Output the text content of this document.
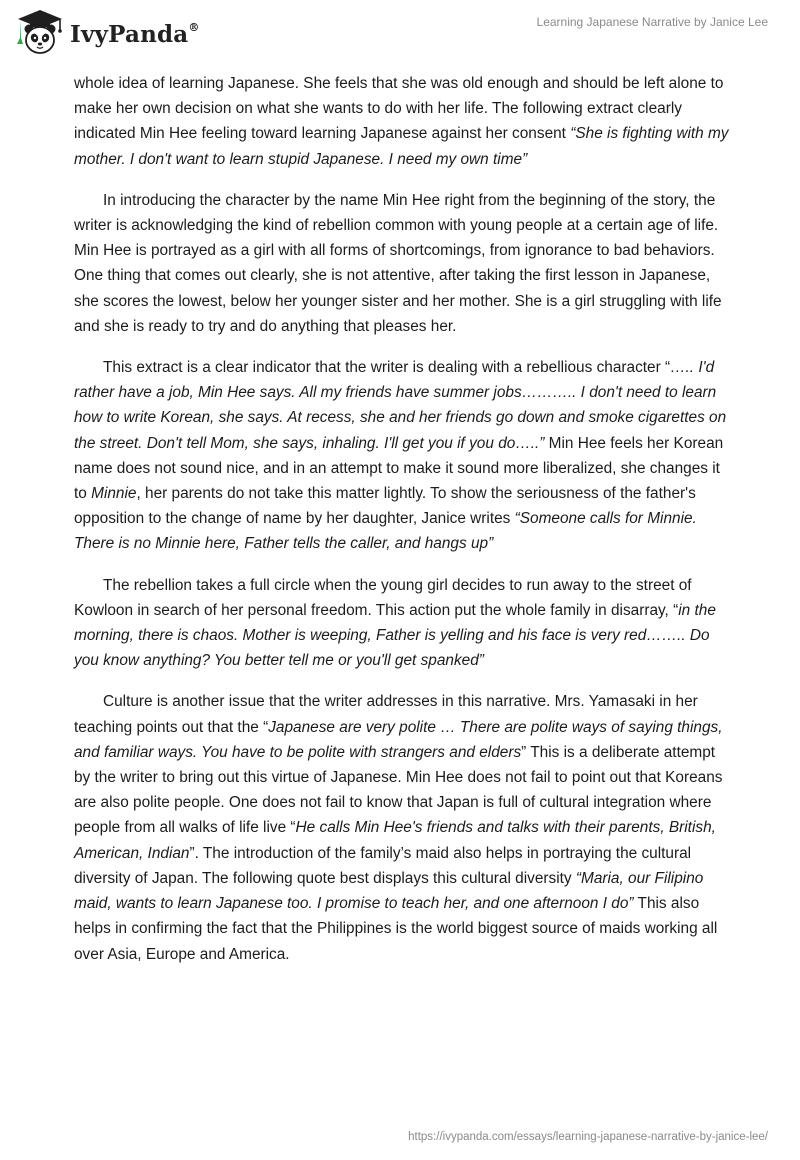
IvyPanda®	Learning Japanese Narrative by Janice Lee

whole idea of learning Japanese. She feels that she was old enough and should be left alone to make her own decision on what she wants to do with her life. The following extract clearly indicated Min Hee feeling toward learning Japanese against her consent “She is fighting with my mother. I don't want to learn stupid Japanese. I need my own time”

In introducing the character by the name Min Hee right from the beginning of the story, the writer is acknowledging the kind of rebellion common with young people at a certain age of life. Min Hee is portrayed as a girl with all forms of shortcomings, from ignorance to bad behaviors. One thing that comes out clearly, she is not attentive, after taking the first lesson in Japanese, she scores the lowest, below her younger sister and her mother. She is a girl struggling with life and she is ready to try and do anything that pleases her.

This extract is a clear indicator that the writer is dealing with a rebellious character “….. I'd rather have a job, Min Hee says. All my friends have summer jobs……….. I don't need to learn how to write Korean, she says. At recess, she and her friends go down and smoke cigarettes on the street. Don't tell Mom, she says, inhaling. I'll get you if you do…..” Min Hee feels her Korean name does not sound nice, and in an attempt to make it sound more liberalized, she changes it to Minnie, her parents do not take this matter lightly. To show the seriousness of the father's opposition to the change of name by her daughter, Janice writes “Someone calls for Minnie. There is no Minnie here, Father tells the caller, and hangs up”

The rebellion takes a full circle when the young girl decides to run away to the street of Kowloon in search of her personal freedom. This action put the whole family in disarray, “in the morning, there is chaos. Mother is weeping, Father is yelling and his face is very red…….. Do you know anything? You better tell me or you'll get spanked”

Culture is another issue that the writer addresses in this narrative. Mrs. Yamasaki in her teaching points out that the “Japanese are very polite … There are polite ways of saying things, and familiar ways. You have to be polite with strangers and elders” This is a deliberate attempt by the writer to bring out this virtue of Japanese. Min Hee does not fail to point out that Koreans are also polite people. One does not fail to know that Japan is full of cultural integration where people from all walks of life live “He calls Min Hee's friends and talks with their parents, British, American, Indian”. The introduction of the family’s maid also helps in portraying the cultural diversity of Japan. The following quote best displays this cultural diversity “Maria, our Filipino maid, wants to learn Japanese too. I promise to teach her, and one afternoon I do” This also helps in confirming the fact that the Philippines is the world biggest source of maids working all over Asia, Europe and America.

https://ivypanda.com/essays/learning-japanese-narrative-by-janice-lee/
